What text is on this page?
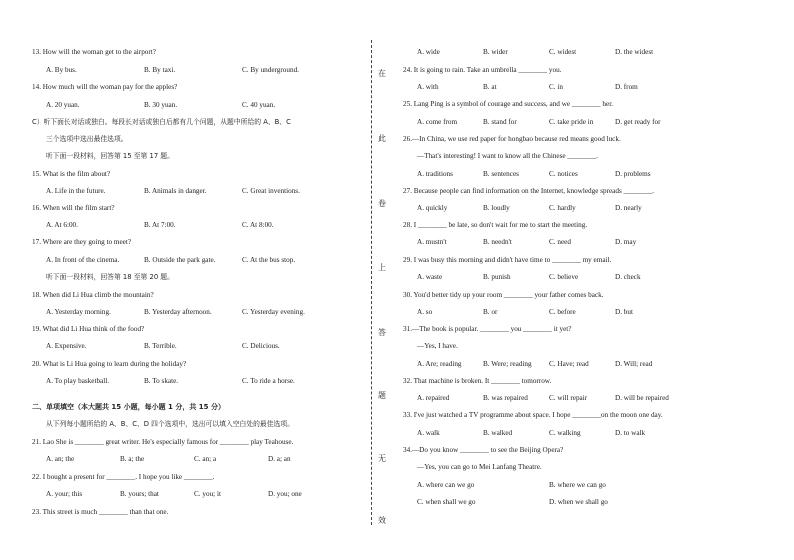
13. How will the woman get to the airport?
A. By bus.	B. By taxi.	C. By underground.
14. How much will the woman pay for the apples?
A. 20 yuan.	B. 30 yuan.	C. 40 yuan.
C）听下面长对话或独白。每段长对话或独白后都有几个问题，从题中所给的 A、B、C
三个选项中选出最佳选项。
听下面一段材料，回答第 15 至第 17 题。
15. What is the film about?
A. Life in the future.	B. Animals in danger.	C. Great inventions.
16. When will the film start?
A. At 6:00.	B. At 7:00.	C. At 8:00.
17. Where are they going to meet?
A. In front of the cinema.	B. Outside the park gate.	C. At the bus stop.
听下面一段材料，回答第 18 至第 20 题。
18. When did Li Hua climb the mountain?
A. Yesterday morning.	B. Yesterday afternoon.	C. Yesterday evening.
19. What did Li Hua think of the food?
A. Expensive.	B. Terrible.	C. Delicious.
20. What is Li Hua going to learn during the holiday?
A. To play basketball.	B. To skate.	C. To ride a horse.
二、单项填空（本大题共 15 小题，每小题 1 分，共 15 分）
从下列每小题所给的 A、B、C、D 四个选项中，选出可以填入空白处的最佳选项。
21. Lao She is ________ great writer. He's especially famous for ________ play Teahouse.
A. an; the	B. a; the	C. an; a	D. a; an
22. I bought a present for ________. I hope you like ________.
A. your; this	B. yours; that	C. you; it	D. you; one
23. This street is much ________ than that one.
在
此
卷
上
答
题
无
效
A. wide	B. wider	C. widest	D. the widest
24. It is going to rain. Take an umbrella ________ you.
A. with	B. at	C. in	D. from
25. Lang Ping is a symbol of courage and success, and we ________ her.
A. come from	B. stand for	C. take pride in	D. get ready for
26.—In China, we use red paper for hongbao because red means good luck.
—That's interesting! I want to know all the Chinese ________.
A. traditions	B. sentences	C. notices	D. problems
27. Because people can find information on the Internet, knowledge spreads ________.
A. quickly	B. loudly	C. hardly	D. nearly
28. I ________ be late, so don't wait for me to start the meeting.
A. mustn't	B. needn't	C. need	D. may
29. I was busy this morning and didn't have time to ________ my email.
A. waste	B. punish	C. believe	D. check
30. You'd better tidy up your room ________ your father comes back.
A. so	B. or	C. before	D. but
31.—The book is popular. ________ you ________ it yet?
—Yes, I have.
A. Are; reading	B. Were; reading C. Have; read	D. Will; read
32. That machine is broken. It ________ tomorrow.
A. repaired	B. was repaired	C. will repair	D. will be repaired
33. I've just watched a TV programme about space. I hope ________on the moon one day.
A. walk	B. walked	C. walking	D. to walk
34.—Do you know ________ to see the Beijing Opera?
—Yes, you can go to Mei Lanfang Theatre.
A. where can we go	B. where we can go
C. when shall we go	D. when we shall go
